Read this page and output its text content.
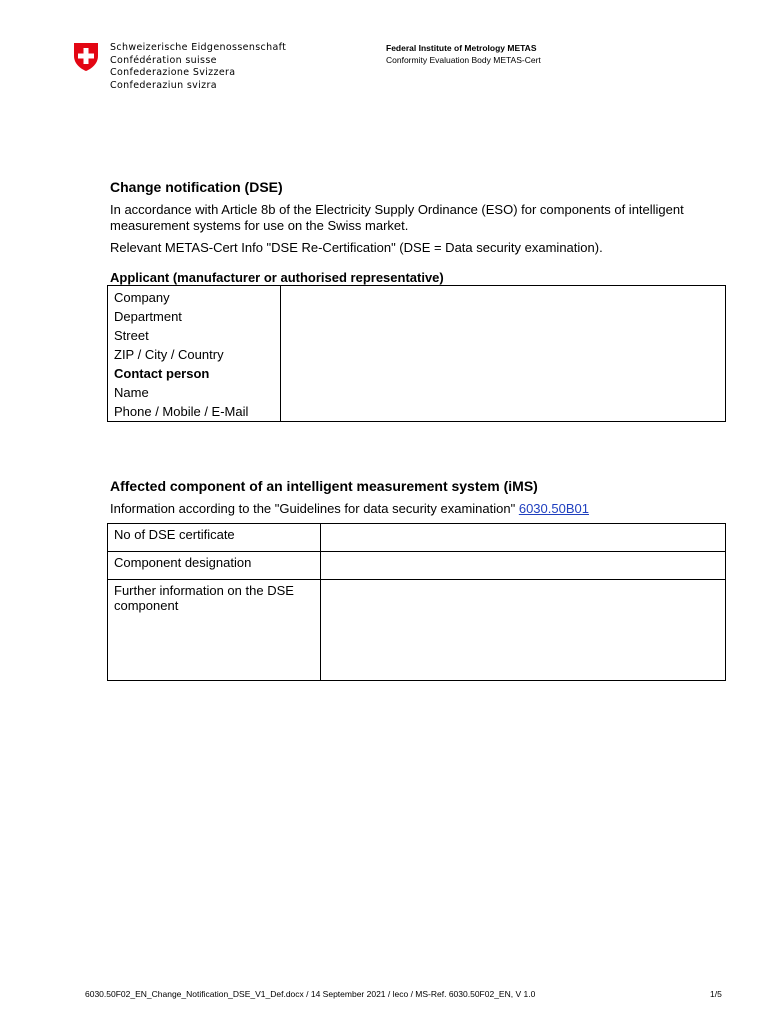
Schweizerische Eidgenossenschaft
Confédération suisse
Confederazione Svizzera
Confederaziun svizra
Federal Institute of Metrology METAS
Conformity Evaluation Body METAS-Cert
Change notification (DSE)
In accordance with Article 8b of the Electricity Supply Ordinance (ESO) for components of intelligent measurement systems for use on the Swiss market.
Relevant METAS-Cert Info "DSE Re-Certification" (DSE = Data security examination).
Applicant (manufacturer or authorised representative)
Company
Department
Street
ZIP / City / Country
Contact person
Name
Phone / Mobile / E-Mail

Affected component of an intelligent measurement system (iMS)
Information according to the "Guidelines for data security examination" 6030.50B01
No of DSE certificate	
Component designation	
Further information on the DSE component	
6030.50F02_EN_Change_Notification_DSE_V1_Def.docx / 14 September 2021 / leco / MS-Ref. 6030.50F02_EN, V 1.0	1/5
